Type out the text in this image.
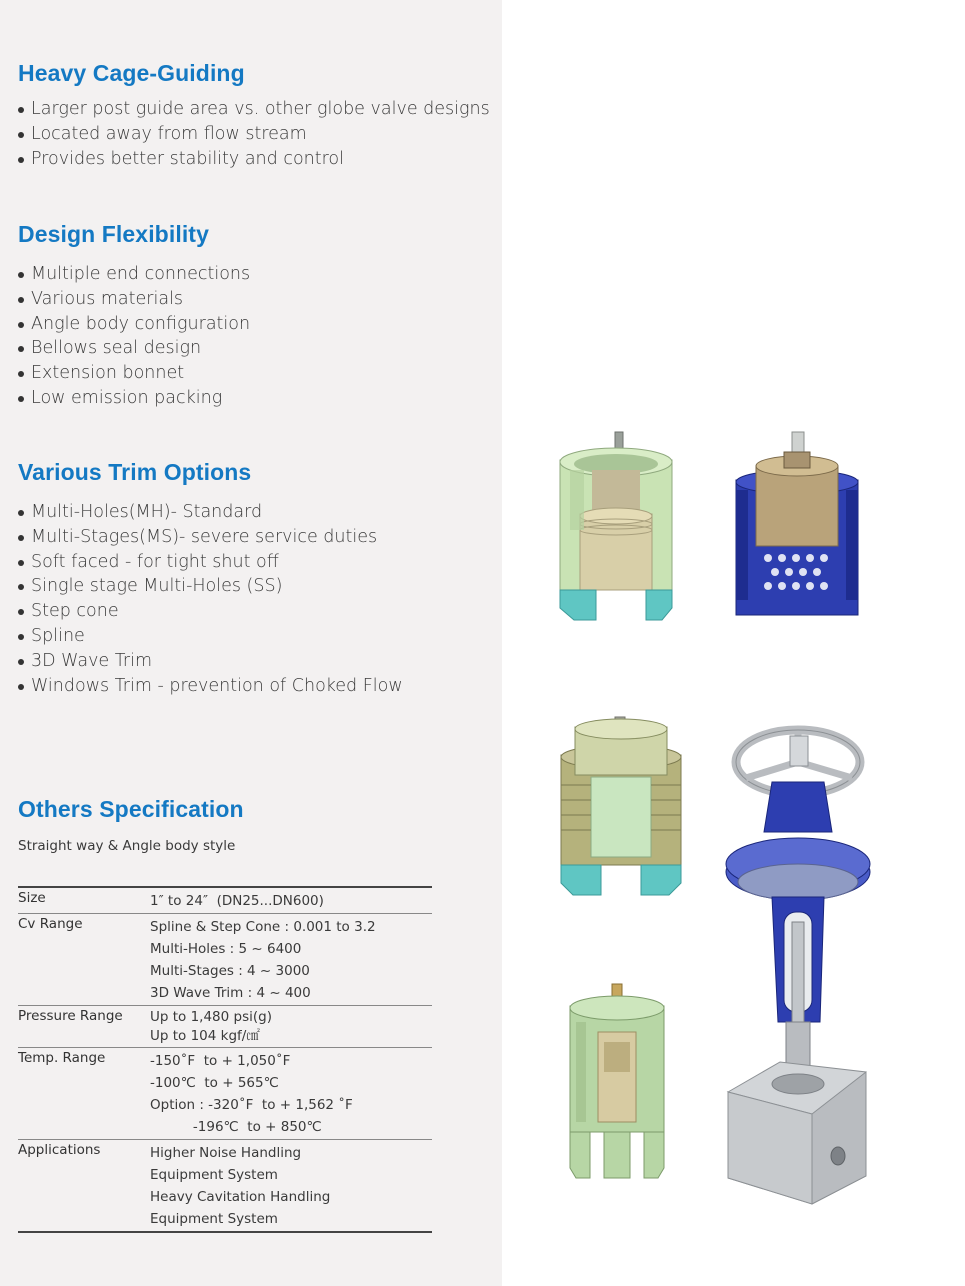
Heavy Cage-Guiding
Larger post guide area vs. other globe valve designs
Located away from flow stream
Provides better stability and control
Design Flexibility
Multiple end connections
Various materials
Angle body configuration
Bellows seal design
Extension bonnet
Low emission packing
Various Trim Options
Multi-Holes(MH)- Standard
Multi-Stages(MS)- severe service duties
Soft faced - for tight shut off
Single stage Multi-Holes (SS)
Step cone
Spline
3D Wave Trim
Windows Trim - prevention of Choked Flow
Others Specification
Straight way & Angle body style
Size	1″ to 24″  (DN25...DN600)
Cv Range	Spline & Step Cone : 0.001 to 3.2
Multi-Holes : 5 ~ 6400
Multi-Stages : 4 ~ 3000
3D Wave Trim : 4 ~ 400
Pressure Range	Up to 1,480 psi(g)
Up to 104 kgf/㎠
Temp. Range	-150˚F  to + 1,050˚F
-100℃  to + 565℃
Option : -320˚F  to + 1,562 ˚F
-196℃  to + 850℃
Applications	Higher Noise Handling
Equipment System
Heavy Cavitation Handling
Equipment System
